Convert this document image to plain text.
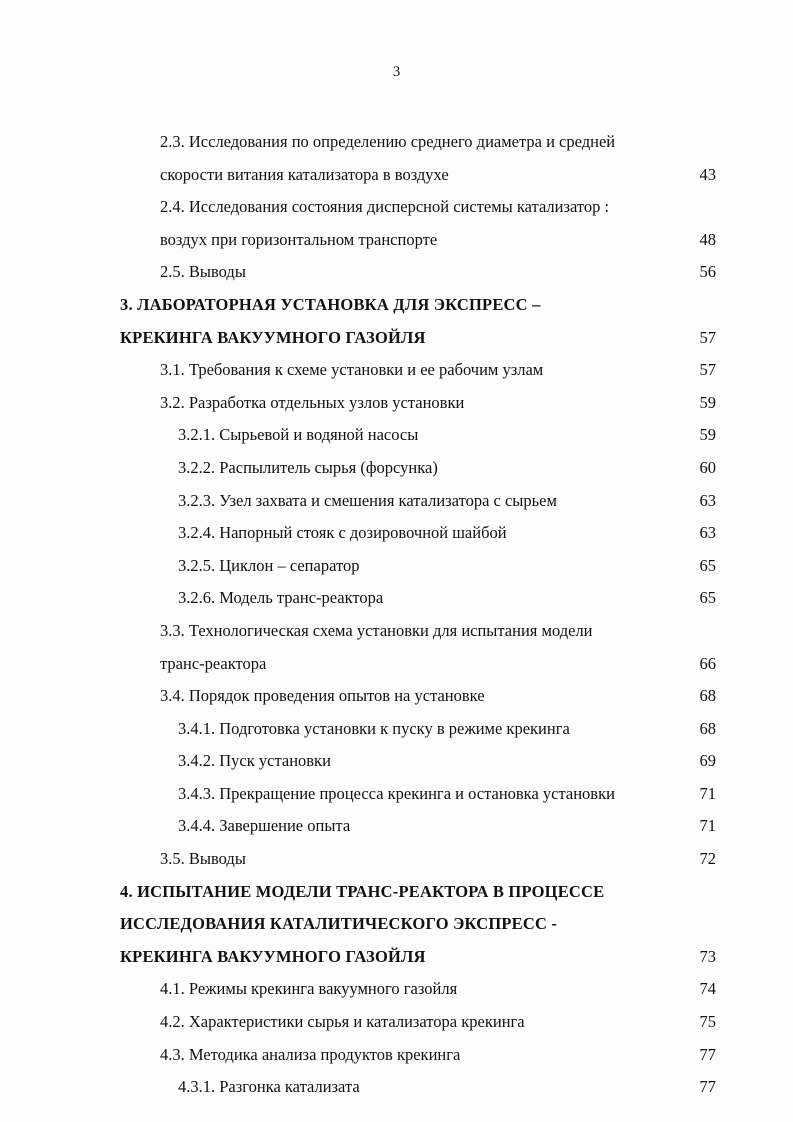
3
2.3. Исследования по определению среднего диаметра и средней
скорости витания катализатора в воздухе	43
2.4. Исследования состояния дисперсной системы катализатор :
воздух при горизонтальном транспорте	48
2.5. Выводы	56
3. ЛАБОРАТОРНАЯ УСТАНОВКА ДЛЯ ЭКСПРЕСС –
КРЕКИНГА ВАКУУМНОГО ГАЗОЙЛЯ	57
3.1. Требования к схеме установки и ее рабочим узлам	57
3.2. Разработка отдельных узлов установки	59
3.2.1. Сырьевой и водяной насосы	59
3.2.2. Распылитель сырья (форсунка)	60
3.2.3. Узел захвата и смешения катализатора с сырьем	63
3.2.4. Напорный стояк с дозировочной шайбой	63
3.2.5. Циклон – сепаратор	65
3.2.6. Модель транс-реактора	65
3.3. Технологическая схема установки для испытания модели
транс-реактора	66
3.4. Порядок проведения опытов на установке	68
3.4.1. Подготовка установки к пуску в режиме крекинга	68
3.4.2. Пуск установки	69
3.4.3. Прекращение процесса крекинга и остановка установки	71
3.4.4. Завершение опыта	71
3.5. Выводы	72
4. ИСПЫТАНИЕ МОДЕЛИ ТРАНС-РЕАКТОРА В ПРОЦЕССЕ
ИССЛЕДОВАНИЯ КАТАЛИТИЧЕСКОГО ЭКСПРЕСС -
КРЕКИНГА ВАКУУМНОГО ГАЗОЙЛЯ	73
4.1. Режимы крекинга вакуумного газойля	74
4.2. Характеристики сырья и катализатора крекинга	75
4.3. Методика анализа продуктов крекинга	77
4.3.1. Разгонка катализата	77
